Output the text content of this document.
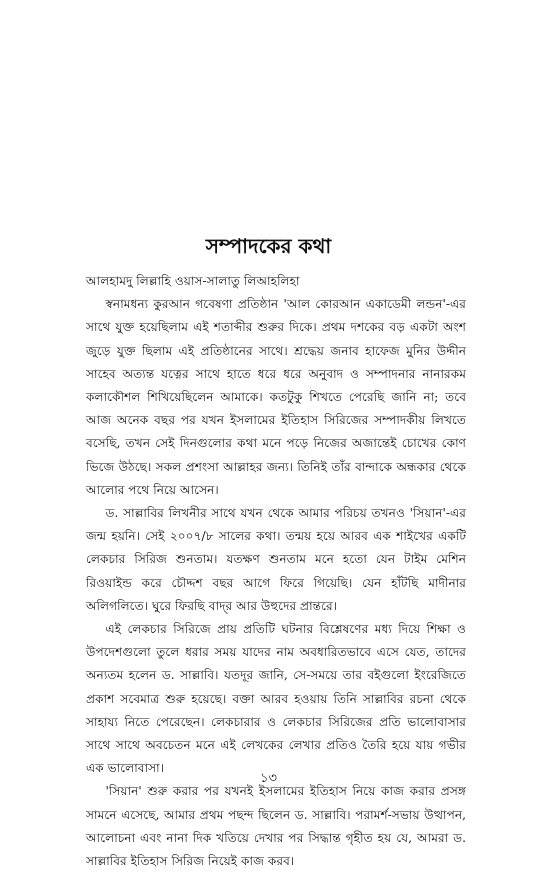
সম্পাদকের কথা

আলহামদু লিল্লাহি ওয়াস-সালাতু লিআহলিহা

স্বনামধন্য কুরআন গবেষণা প্রতিষ্ঠান 'আল কোরআন একাডেমী লন্ডন'-এর সাথে যুক্ত হয়েছিলাম এই শতাব্দীর শুরুর দিকে। প্রথম দশকের বড় একটা অংশ জুড়ে যুক্ত ছিলাম এই প্রতিষ্ঠানের সাথে। শ্রদ্ধেয় জনাব হাফেজ মুনির উদ্দীন সাহেব অত্যন্ত যত্নের সাথে হাতে ধরে ধরে অনুবাদ ও সম্পাদনার নানারকম কলাকৌশল শিখিয়েছিলেন আমাকে। কতটুকু শিখতে পেরেছি জানি না; তবে আজ অনেক বছর পর যখন ইসলামের ইতিহাস সিরিজের সম্পাদকীয় লিখতে বসেছি, তখন সেই দিনগুলোর কথা মনে পড়ে নিজের অজান্তেই চোখের কোণ ভিজে উঠছে। সকল প্রশংসা আল্লাহর জন্য। তিনিই তাঁর বান্দাকে অন্ধকার থেকে আলোর পথে নিয়ে আসেন।

ড. সাল্লাবির লিখনীর সাথে যখন থেকে আমার পরিচয় তখনও 'সিয়ান'-এর জন্ম হয়নি। সেই ২০০৭/৮ সালের কথা। তন্ময় হয়ে আরব এক শাইখের একটি লেকচার সিরিজ শুনতাম। যতক্ষণ শুনতাম মনে হতো যেন টাইম মেশিন রিওয়াইন্ড করে চৌদ্দশ বছর আগে ফিরে গিয়েছি। যেন হাঁটছি মাদীনার অলিগলিতে। ঘুরে ফিরছি বাদ্‌র আর উহুদের প্রান্তরে।

এই লেকচার সিরিজে প্রায় প্রতিটি ঘটনার বিশ্লেষণের মধ্য দিয়ে শিক্ষা ও উপদেশগুলো তুলে ধরার সময় যাদের নাম অবধারিতভাবে এসে যেত, তাদের অন্যতম হলেন ড. সাল্লাবি। যতদূর জানি, সে-সময়ে তার বইগুলো ইংরেজিতে প্রকাশ সবেমাত্র শুরু হয়েছে। বক্তা আরব হওয়ায় তিনি সাল্লাবির রচনা থেকে সাহায্য নিতে পেরেছেন। লেকচারার ও লেকচার সিরিজের প্রতি ভালোবাসার সাথে সাথে অবচেতন মনে এই লেখকের লেখার প্রতিও তৈরি হয়ে যায় গভীর এক ভালোবাসা।

'সিয়ান' শুরু করার পর যখনই ইসলামের ইতিহাস নিয়ে কাজ করার প্রসঙ্গ সামনে এসেছে, আমার প্রথম পছন্দ ছিলেন ড. সাল্লাবি। পরামর্শ-সভায় উত্থাপন, আলোচনা এবং নানা দিক খতিয়ে দেখার পর সিদ্ধান্ত গৃহীত হয় যে, আমরা ড. সাল্লাবির ইতিহাস সিরিজ নিয়েই কাজ করব।

১৩
